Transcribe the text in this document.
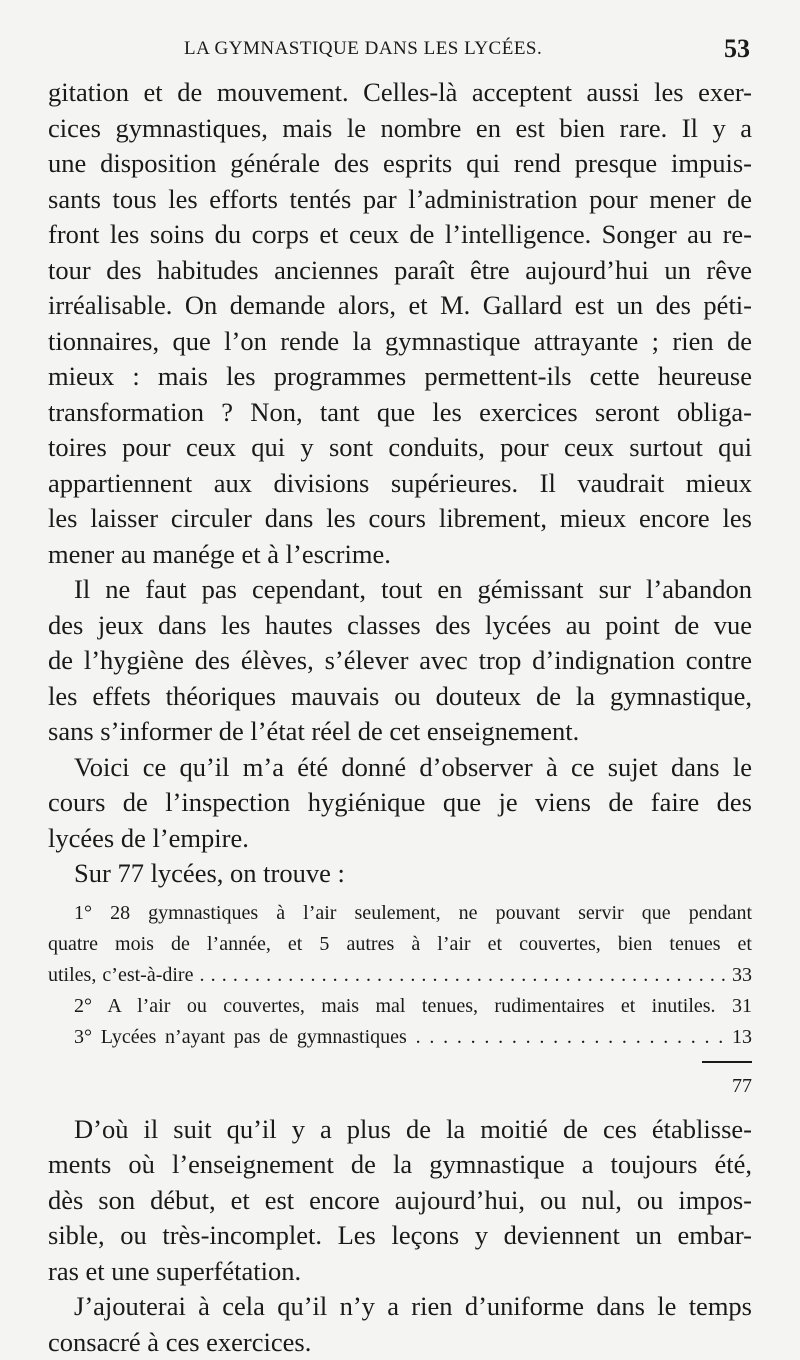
LA GYMNASTIQUE DANS LES LYCÉES.	53
gitation et de mouvement. Celles-là acceptent aussi les exer-
cices gymnastiques, mais le nombre en est bien rare. Il y a
une disposition générale des esprits qui rend presque impuis-
sants tous les efforts tentés par l’administration pour mener de
front les soins du corps et ceux de l’intelligence. Songer au re-
tour des habitudes anciennes paraît être aujourd’hui un rêve
irréalisable. On demande alors, et M. Gallard est un des péti-
tionnaires, que l’on rende la gymnastique attrayante ; rien de
mieux : mais les programmes permettent-ils cette heureuse
transformation ? Non, tant que les exercices seront obliga-
toires pour ceux qui y sont conduits, pour ceux surtout qui
appartiennent aux divisions supérieures. Il vaudrait mieux
les laisser circuler dans les cours librement, mieux encore les
mener au manége et à l’escrime.
Il ne faut pas cependant, tout en gémissant sur l’abandon
des jeux dans les hautes classes des lycées au point de vue
de l’hygiène des élèves, s’élever avec trop d’indignation contre
les effets théoriques mauvais ou douteux de la gymnastique,
sans s’informer de l’état réel de cet enseignement.
Voici ce qu’il m’a été donné d’observer à ce sujet dans le
cours de l’inspection hygiénique que je viens de faire des
lycées de l’empire.
Sur 77 lycées, on trouve :
1° 28 gymnastiques à l’air seulement, ne pouvant servir que pendant
quatre mois de l’année, et 5 autres à l’air et couvertes, bien tenues et
utiles, c’est-à-dire . . . . . . . . . . . . . . . . . . . . . . . . . . . . . . . . . . . . . . . . . . . . . . . . 33
2° A l’air ou couvertes, mais mal tenues, rudimentaires et inutiles. 31
3° Lycées n’ayant pas de gymnastiques . . . . . . . . . . . . . . . . . . . . . . . 13
77
D’où il suit qu’il y a plus de la moitié de ces établisse-
ments où l’enseignement de la gymnastique a toujours été,
dès son début, et est encore aujourd’hui, ou nul, ou impos-
sible, ou très-incomplet. Les leçons y deviennent un embar-
ras et une superfétation.
J’ajouterai à cela qu’il n’y a rien d’uniforme dans le temps
consacré à ces exercices.
